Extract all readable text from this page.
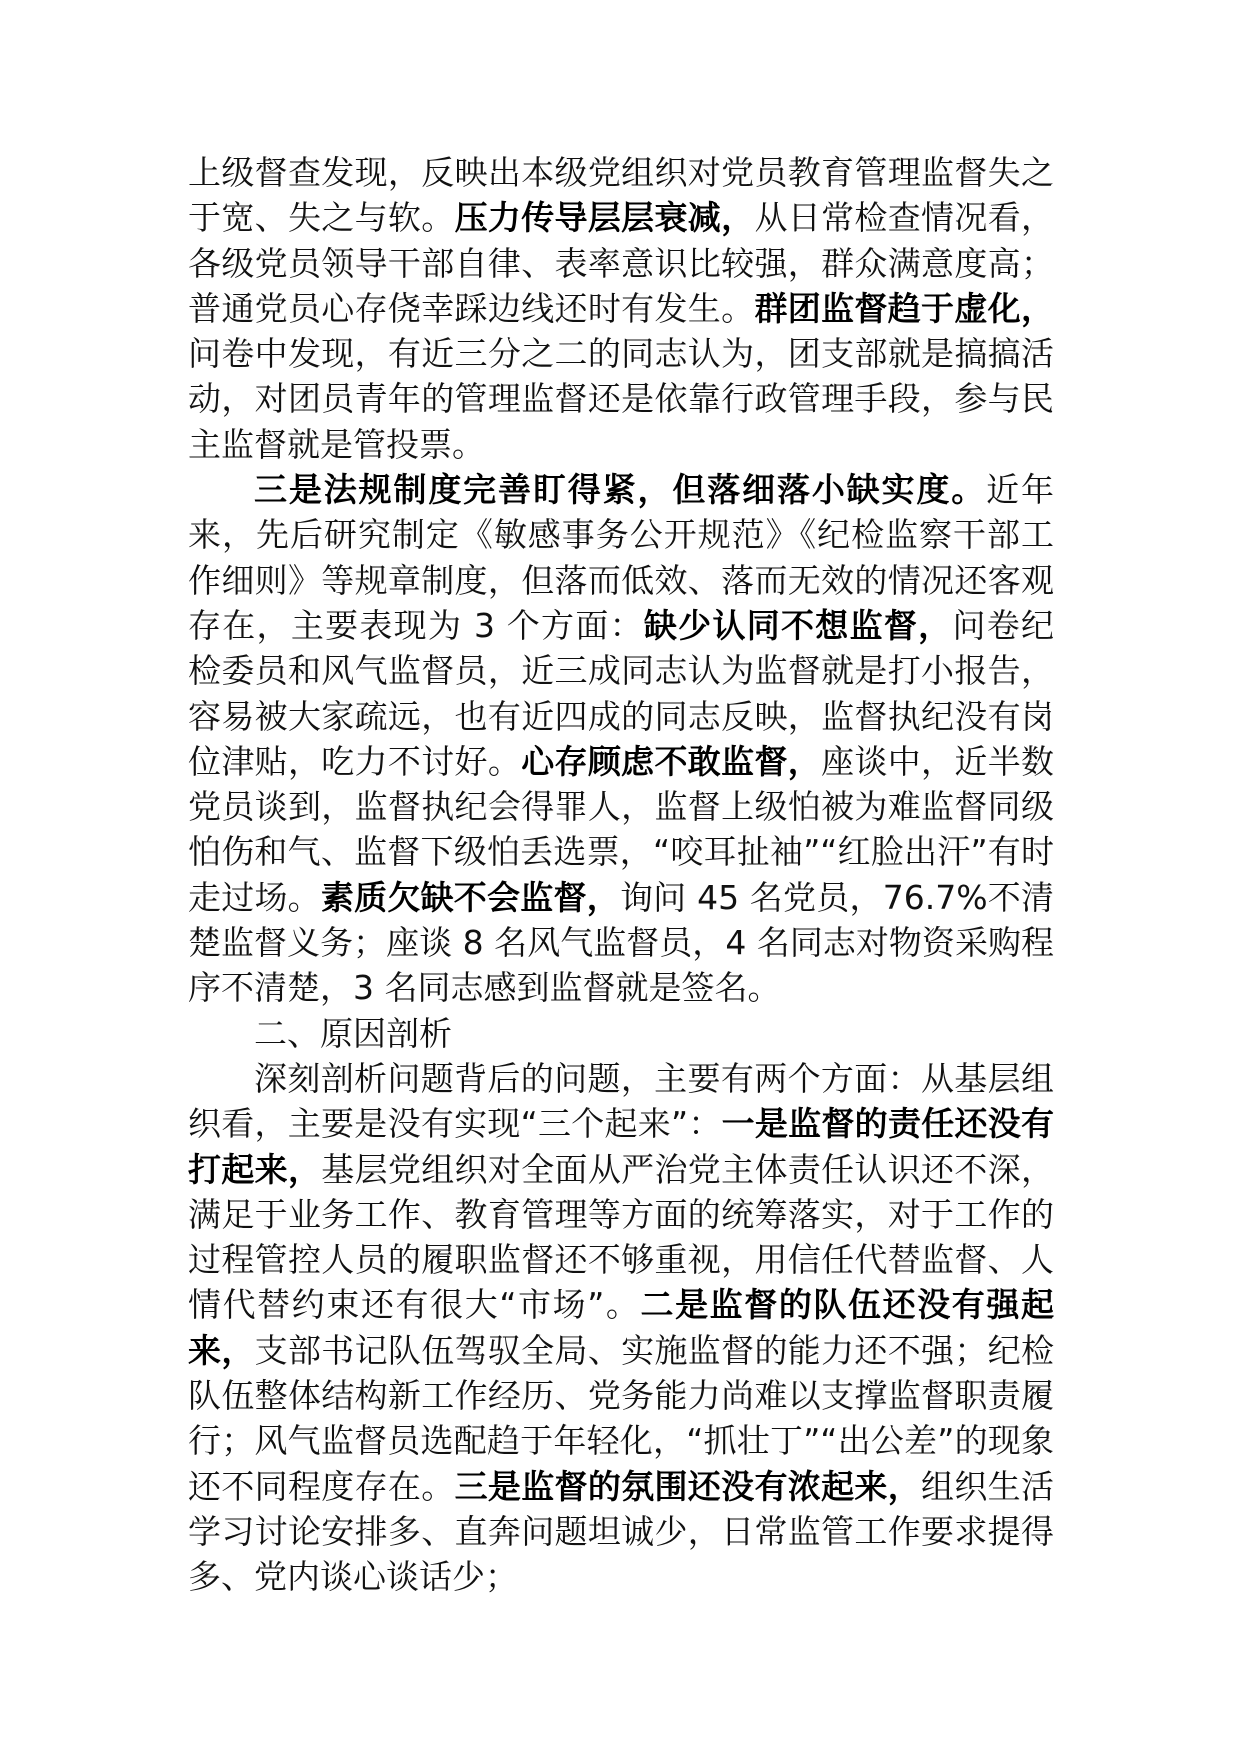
上级督查发现，反映出本级党组织对党员教育管理监督失之于宽、失之与软。压力传导层层衰减，从日常检查情况看，各级党员领导干部自律、表率意识比较强，群众满意度高；普通党员心存侥幸踩边线还时有发生。群团监督趋于虚化，问卷中发现，有近三分之二的同志认为，团支部就是搞搞活动，对团员青年的管理监督还是依靠行政管理手段，参与民主监督就是管投票。

三是法规制度完善盯得紧，但落细落小缺实度。近年来，先后研究制定《敏感事务公开规范》《纪检监察干部工作细则》等规章制度，但落而低效、落而无效的情况还客观存在，主要表现为 3 个方面：缺少认同不想监督，问卷纪检委员和风气监督员，近三成同志认为监督就是打小报告，容易被大家疏远，也有近四成的同志反映，监督执纪没有岗位津贴，吃力不讨好。心存顾虑不敢监督，座谈中，近半数党员谈到，监督执纪会得罪人，监督上级怕被为难监督同级怕伤和气、监督下级怕丢选票，“咬耳扯袖”“红脸出汗”有时走过场。素质欠缺不会监督，询问 45 名党员，76.7%不清楚监督义务；座谈 8 名风气监督员，4 名同志对物资采购程序不清楚，3 名同志感到监督就是签名。

二、原因剖析

深刻剖析问题背后的问题，主要有两个方面：从基层组织看，主要是没有实现“三个起来”：一是监督的责任还没有打起来，基层党组织对全面从严治党主体责任认识还不深，满足于业务工作、教育管理等方面的统筹落实，对于工作的过程管控人员的履职监督还不够重视，用信任代替监督、人情代替约束还有很大“市场”。二是监督的队伍还没有强起来，支部书记队伍驾驭全局、实施监督的能力还不强；纪检队伍整体结构新工作经历、党务能力尚难以支撑监督职责履行；风气监督员选配趋于年轻化，“抓壮丁”“出公差”的现象还不同程度存在。三是监督的氛围还没有浓起来，组织生活学习讨论安排多、直奔问题坦诚少，日常监管工作要求提得多、党内谈心谈话少；
